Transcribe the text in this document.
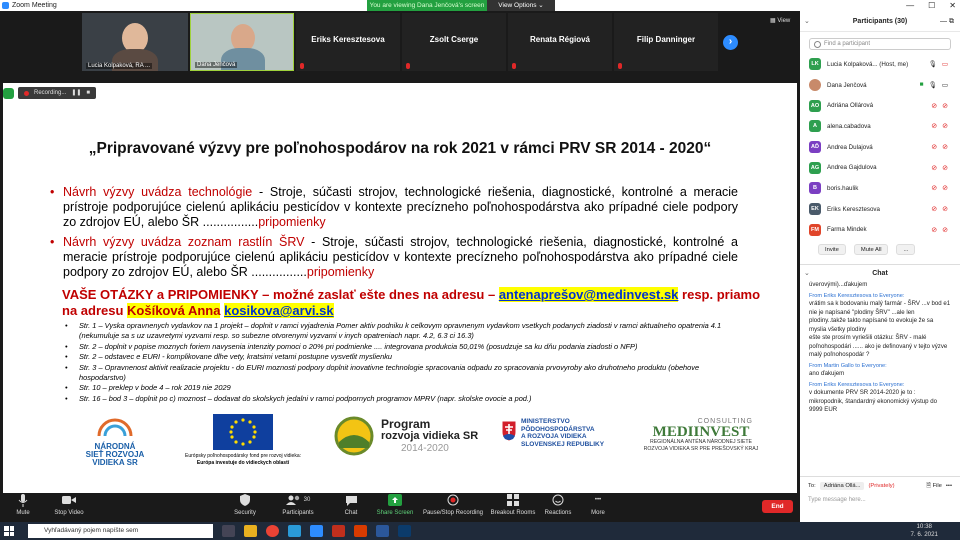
Zoom Meeting	— ☐ ✕
You are viewing Dana Jenčová's screen	View Options ⌄
Lucia Kolpaková, RA ...	Dana Jenčová
Eriks Keresztesova	Zsolt Cserge	Renata Régiová	Filip Danninger	›
▦ View
„Pripravované výzvy pre poľnohospodárov na rok 2021 v rámci PRV SR 2014 - 2020“
• Návrh výzvy uvádza technológie - Stroje, súčasti strojov, technologické riešenia, diagnostické, kontrolné a meracie prístroje podporujúce cielenú aplikáciu pesticídov v kontexte precízneho poľnohospodárstva ako prípadné ciele podpory zo zdrojov EÚ, alebo ŠR ................pripomienky
• Návrh výzvy uvádza zoznam rastlín ŠRV - Stroje, súčasti strojov, technologické riešenia, diagnostické, kontrolné a meracie prístroje podporujúce cielenú aplikáciu pesticídov v kontexte precízneho poľnohospodárstva ako prípadné ciele podpory zo zdrojov EÚ, alebo ŠR ................pripomienky
VAŠE OTÁZKY a PRIPOMIENKY – možné zaslať ešte dnes na adresu – antenaprešov@medinvest.sk resp. priamo na adresu Košíková Anna kosikova@arvi.sk
•	Str. 1 – Vyska opravnenych vydavkov na 1 projekt – doplnit v ramci vyjadrenia Pomer aktiv podniku k celkovym opravnenym vydavkom vsetkych podanych ziadosti v ramci aktualneho opatrenia 4.1 (nekumuluje sa s uz uzavretymi vyzvami resp. so subezne otvorenymi vyzvami v inych opatreniach napr. 4.2, 6.3 ci 16.3)
•	Str. 2 – doplnit v popise moznych foriem navysenia intenzity pomoci o 20% pri podmienke .... integrovana produkcia 50,01% (posudzuje sa ku dňu podania ziadosti o NFP)
•	Str. 2 – odstavec e EURI - komplikovane dlhe vety, kratsimi vetami postupne vysvetlit myslienku
•	Str. 3 – Opravnenost aktivit realizacie projektu - do EURI moznosti podpory doplnit inovativne technologie spracovania odpadu zo spracovania prvovyroby ako druhotneho produktu (obehove hospodarstvo)
•	Str. 10 – preklep v bode 4 – rok 2019 nie 2029
•	Str. 16 – bod 3 – doplnit po c) moznost – dodavat do skolskych jedalni v ramci podpornych programov MPRV (napr. skolske ovocie a pod.)
NÁRODNÁ
SIEŤ ROZVOJA
VIDIEKA SR
Európsky poľnohospodársky fond pre rozvoj vidieka:
Európa investuje do vidieckych oblastí
Program
rozvoja vidieka SR
2014-2020
MINISTERSTVO
PÔDOHOSPODÁRSTVA
A ROZVOJA VIDIEKA
SLOVENSKEJ REPUBLIKY
CONSULTING
MEDIINVEST
REGIONÁLNA ANTÉNA NÁRODNEJ SIETE
ROZVOJA VIDIEKA SR PRE PREŠOVSKÝ KRAJ
Recording... ❚❚ ■
Mute	Stop Video	Security
30
Participants	Chat	Share Screen	Pause/Stop Recording	Breakout Rooms	Reactions
•••
More
End
⌄	Participants (30)	— ⧉
Find a participant
LK	Lucia Kolpaková... (Host, me)	🎙 ▭
Dana Jenčová	■ 🎙 ▭
AO	Adriána Ollárová	⊘ ⊘
A	alena.cabadova	⊘ ⊘
AĎ	Andrea Ďulajová	⊘ ⊘
AG	Andrea Gajdulova	⊘ ⊘
B	boris.haulik	⊘ ⊘
EK	Eriks Keresztesova	⊘ ⊘
FM	Farma Mindek	⊘ ⊘
Invite	Mute All	...
⌄	Chat
úverovými)...ďakujem
From Eriks Keresztesova to Everyone:
vrátim sa k bodovaniu malý farmár - ŠRV ...v bod e1 nie je napísané "plodiny ŠRV" ...ale len plodiny..takže takto napísané to evokuje že sa myslia všetky plodiny
ešte ste prosím vyriešili otázku: ŠRV - malé poľnohospodári ...... ako je definovaný v tejto výzve malý poľnohospodár ?
From Martin Gallo to Everyone:
ano ďakujem
From Eriks Keresztesova to Everyone:
v dokumente PRV SR 2014-2020 je to : mikropodnik, štandardný ekonomický výstup do 9999 EUR
To:	Adriána Ollá...	(Privately)	🗎 File •••
Type message here...
Vyhľadávaný pojem napíšte sem
10:38
7. 6. 2021
